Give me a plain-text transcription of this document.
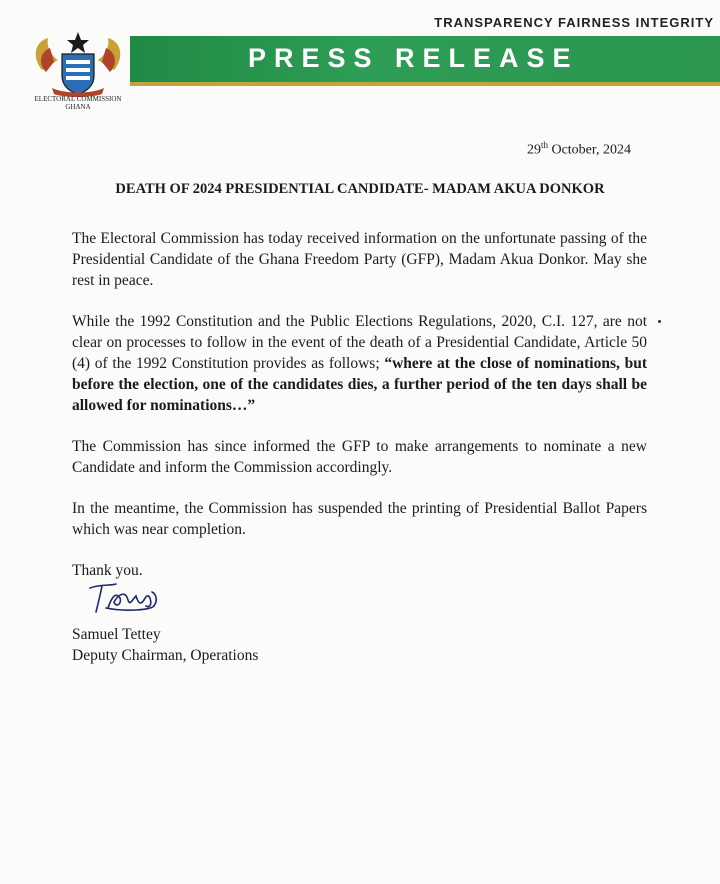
TRANSPARENCY FAIRNESS INTEGRITY
PRESS RELEASE
ELECTORAL COMMISSION
GHANA
29th October, 2024
DEATH OF 2024 PRESIDENTIAL CANDIDATE- MADAM AKUA DONKOR

The Electoral Commission has today received information on the unfortunate passing of the Presidential Candidate of the Ghana Freedom Party (GFP), Madam Akua Donkor. May she rest in peace.

While the 1992 Constitution and the Public Elections Regulations, 2020, C.I. 127, are not clear on processes to follow in the event of the death of a Presidential Candidate, Article 50 (4) of the 1992 Constitution provides as follows; “where at the close of nominations, but before the election, one of the candidates dies, a further period of the ten days shall be allowed for nominations…”

The Commission has since informed the GFP to make arrangements to nominate a new Candidate and inform the Commission accordingly.

In the meantime, the Commission has suspended the printing of Presidential Ballot Papers which was near completion.

Thank you.

Samuel Tettey
Deputy Chairman, Operations
